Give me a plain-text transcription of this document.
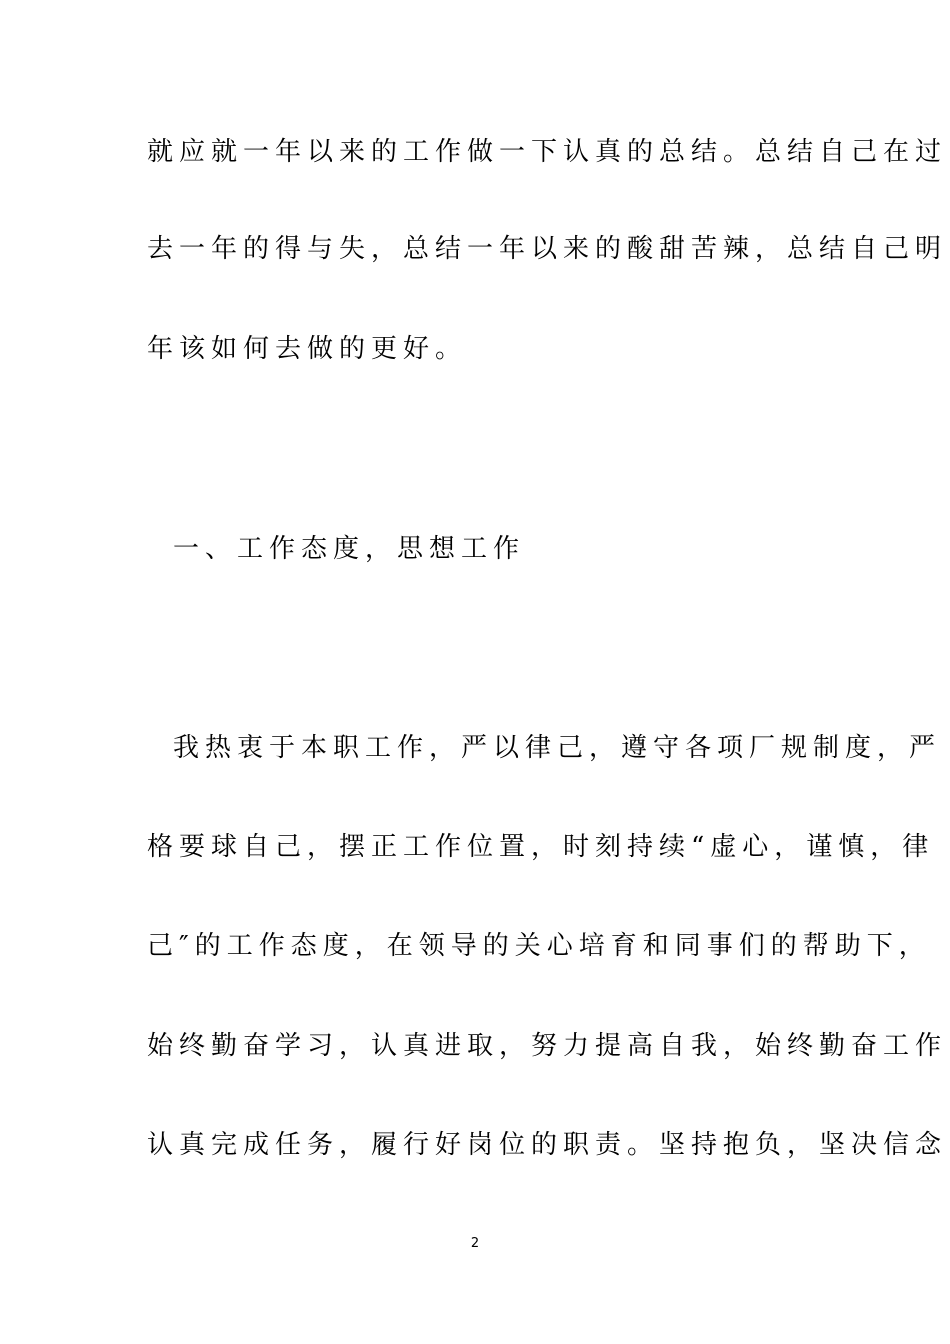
就应就一年以来的工作做一下认真的总结。总结自己在过
去一年的得与失，总结一年以来的酸甜苦辣，总结自己明
年该如何去做的更好。
一、工作态度，思想工作
我热衷于本职工作，严以律己，遵守各项厂规制度，严
格要球自己，摆正工作位置，时刻持续“虚心，谨慎，律
己″的工作态度，在领导的关心培育和同事们的帮助下，
始终勤奋学习，认真进取，努力提高自我，始终勤奋工作
认真完成任务，履行好岗位的职责。坚持抱负，坚决信念
2
